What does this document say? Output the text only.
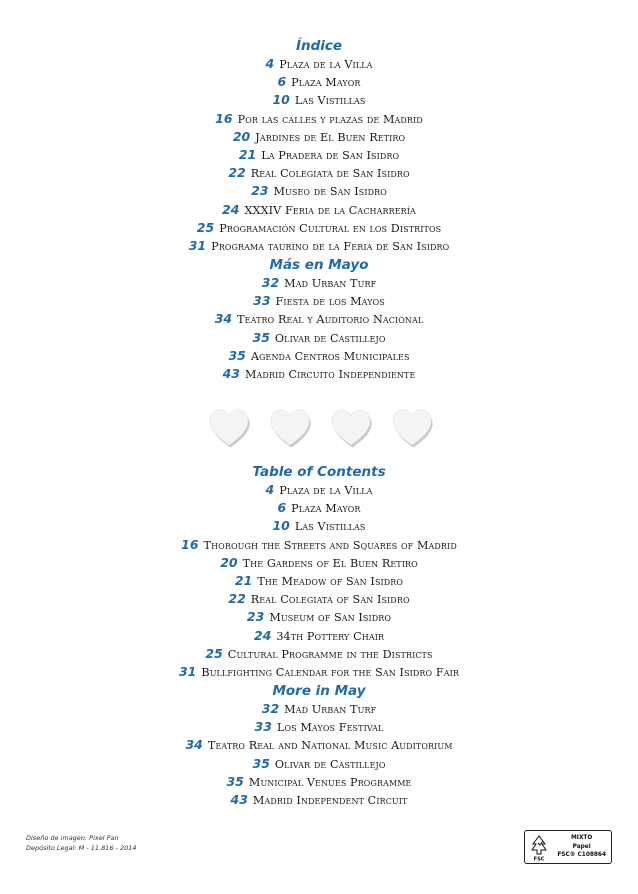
Índice
4 Plaza de la Villa
6 Plaza Mayor
10 Las Vistillas
16 Por las calles y plazas de Madrid
20 Jardines de El Buen Retiro
21 La Pradera de San Isidro
22 Real Colegiata de San Isidro
23 Museo de San Isidro
24 XXXIV Feria de la Cacharrería
25 Programación Cultural en los Distritos
31 Programa taurino de la Feria de San Isidro
Más en Mayo
32 Mad Urban Turf
33 Fiesta de los Mayos
34 Teatro Real y Auditorio Nacional
35 Olivar de Castillejo
35 Agenda Centros Municipales
43 Madrid Circuito Independiente
Table of Contents
4 Plaza de la Villa
6 Plaza Mayor
10 Las Vistillas
16 Thorough the Streets and Squares of Madrid
20 The Gardens of El Buen Retiro
21 The Meadow of San Isidro
22 Real Colegiata of San Isidro
23 Museum of San Isidro
24 34th Pottery Chair
25 Cultural Programme in the Districts
31 Bullfighting Calendar for the San Isidro Fair
More in May
32 Mad Urban Turf
33 Los Mayos Festival
34 Teatro Real and National Music Auditorium
35 Olivar de Castillejo
35 Municipal Venues Programme
43 Madrid Independent Circuit
Diseño de imagen: Pixel Pan
Depósito Legal: M - 11.816 - 2014
FSC
MIXTO
Papel
FSC® C108864
